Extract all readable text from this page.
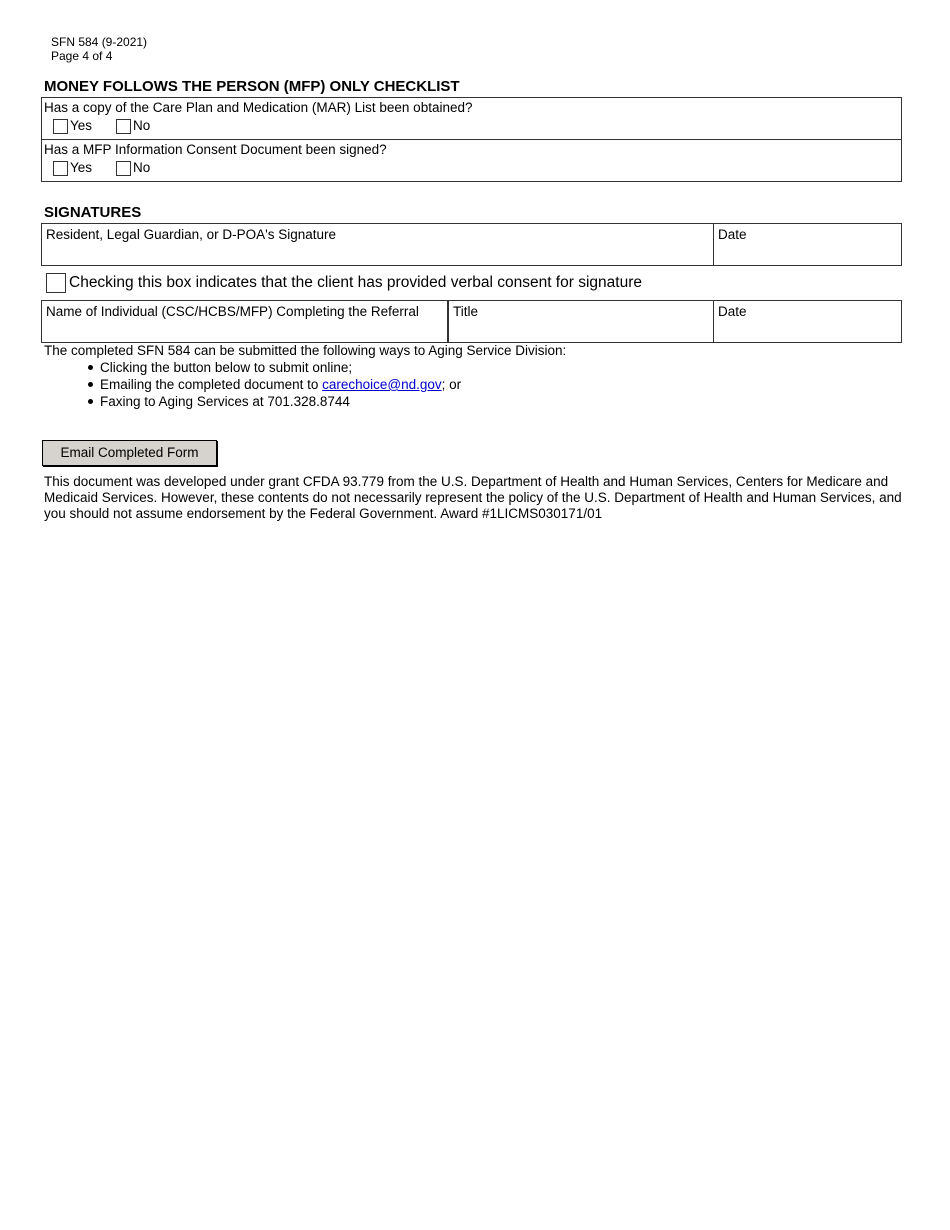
SFN 584 (9-2021)
Page 4 of 4
MONEY FOLLOWS THE PERSON (MFP) ONLY CHECKLIST
Has a copy of the Care Plan and Medication (MAR) List been obtained?
Yes	No
Has a MFP Information Consent Document been signed?
Yes	No
SIGNATURES
Resident, Legal Guardian, or D-POA's Signature	Date
Checking this box indicates that the client has provided verbal consent for signature
Name of Individual (CSC/HCBS/MFP) Completing the Referral	Title	Date
The completed SFN 584 can be submitted the following ways to Aging Service Division:
Clicking the button below to submit online;
Emailing the completed document to carechoice@nd.gov; or
Faxing to Aging Services at 701.328.8744
Email Completed Form
This document was developed under grant CFDA 93.779 from the U.S. Department of Health and Human Services, Centers for Medicare and Medicaid Services. However, these contents do not necessarily represent the policy of the U.S. Department of Health and Human Services, and you should not assume endorsement by the Federal Government. Award #1LICMS030171/01
